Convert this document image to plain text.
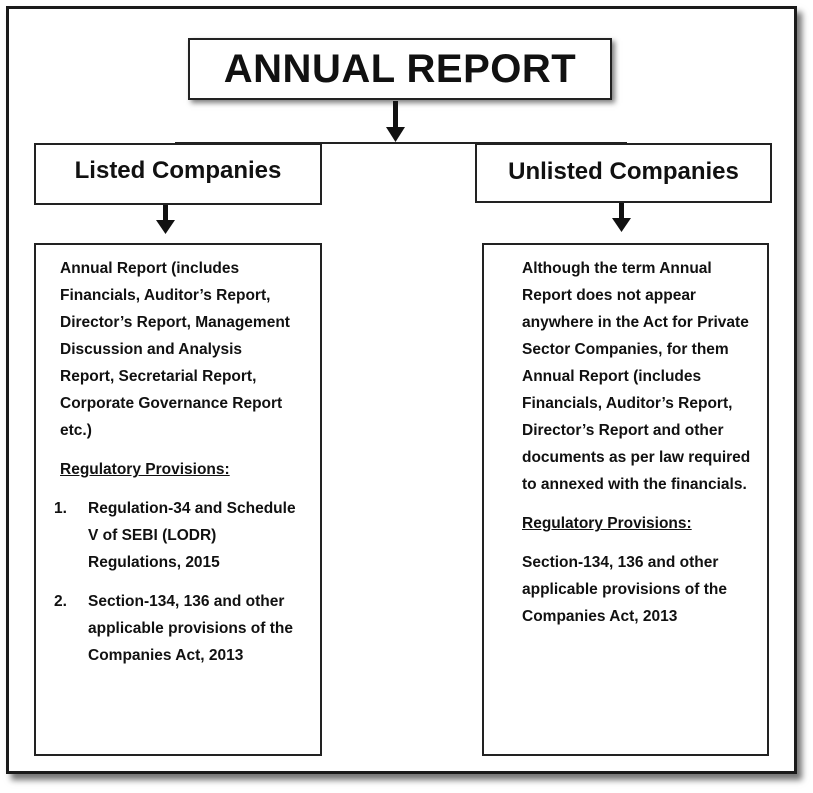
ANNUAL REPORT
Listed Companies	Unlisted Companies
Annual Report (includes Financials, Auditor’s Report, Director’s Report, Management Discussion and Analysis Report, Secretarial Report, Corporate Governance Report etc.)
Regulatory Provisions:
1. Regulation-34 and Schedule V of SEBI (LODR) Regulations, 2015
2. Section-134, 136 and other applicable provisions of the Companies Act, 2013
Although the term Annual Report does not appear anywhere in the Act for Private Sector Companies, for them Annual Report (includes Financials, Auditor’s Report, Director’s Report and other documents as per law required to annexed with the financials.
Regulatory Provisions:
Section-134, 136 and other applicable provisions of the Companies Act, 2013
